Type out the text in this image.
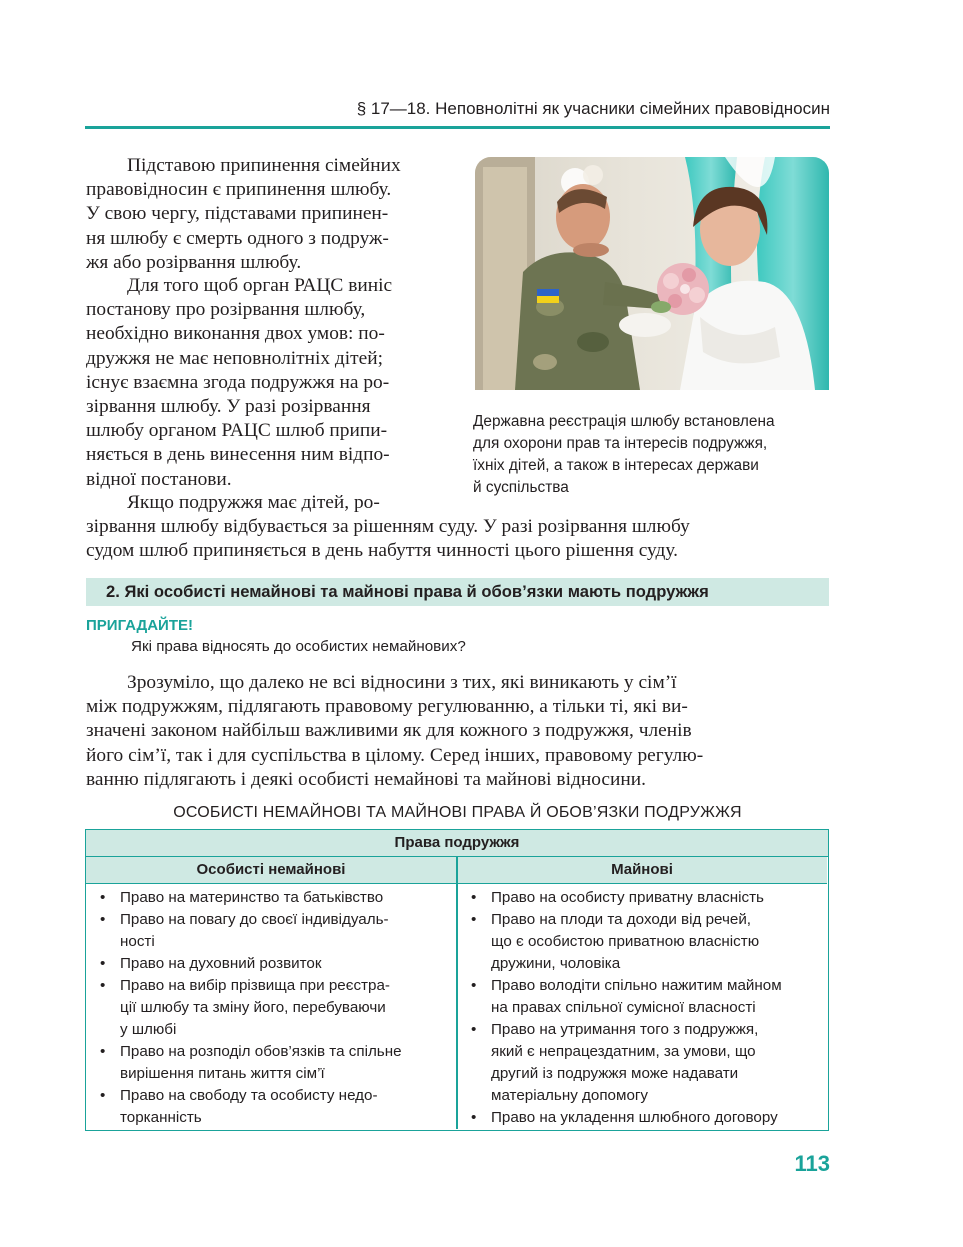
§ 17—18. Неповнолітні як учасники сімейних правовідносин
Підставою припинення сімейних
правовідносин є припинення шлюбу.
У свою чергу, підставами припинен-
ня шлюбу є смерть одного з подруж-
жя або розірвання шлюбу.
Для того щоб орган РАЦС виніс
постанову про розірвання шлюбу,
необхідно виконання двох умов: по-
дружжя не має неповнолітніх дітей;
існує взаємна згода подружжя на ро-
зірвання шлюбу. У разі розірвання
шлюбу органом РАЦС шлюб припи-
няється в день винесення ним відпо-
відної постанови.
Якщо подружжя має дітей, ро-
зірвання шлюбу відбувається за рішенням суду. У разі розірвання шлюбу
судом шлюб припиняється в день набуття чинності цього рішення суду.
Державна реєстрація шлюбу встановлена
для охорони прав та інтересів подружжя,
їхніх дітей, а також в інтересах держави
й суспільства
2. Які особисті немайнові та майнові права й обов’язки мають подружжя
ПРИГАДАЙТЕ!
Які права відносять до особистих немайнових?
Зрозуміло, що далеко не всі відносини з тих, які виникають у сім’ї
між подружжям, підлягають правовому регулюванню, а тільки ті, які ви-
значені законом найбільш важливими як для кожного з подружжя, членів
його сім’ї, так і для суспільства в цілому. Серед інших, правовому регулю-
ванню підлягають і деякі особисті немайнові та майнові відносини.
ОСОБИСТІ НЕМАЙНОВІ ТА МАЙНОВІ ПРАВА Й ОБОВ’ЯЗКИ ПОДРУЖЖЯ
Права подружжя
Особисті немайнові	Майнові
• Право на материнство та батьківство
• Право на повагу до своєї індивідуаль-
ності
• Право на духовний розвиток
• Право на вибір прізвища при реєстра-
ції шлюбу та зміну його, перебуваючи
у шлюбі
• Право на розподіл обов’язків та спільне
вирішення питань життя сім’ї
• Право на свободу та особисту недо-
торканність
• Право на особисту приватну власність
• Право на плоди та доходи від речей,
що є особистою приватною власністю
дружини, чоловіка
• Право володіти спільно нажитим майном
на правах спільної сумісної власності
• Право на утримання того з подружжя,
який є непрацездатним, за умови, що
другий із подружжя може надавати
матеріальну допомогу
• Право на укладення шлюбного договору
113
